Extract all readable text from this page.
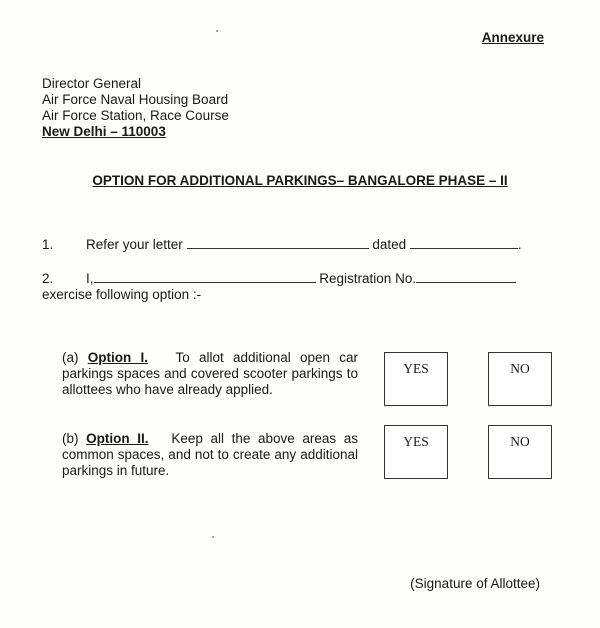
Annexure
Director General
Air Force Naval Housing Board
Air Force Station, Race Course
New Delhi – 110003
OPTION FOR ADDITIONAL PARKINGS– BANGALORE PHASE – II
1. Refer your letter	dated	.
2. I,	Registration No.
exercise following option :-
(a) Option I. To allot additional open car parkings spaces and covered scooter parkings to allottees who have already applied.
YES	NO
(b) Option II. Keep all the above areas as common spaces, and not to create any additional parkings in future.
YES	NO
(Signature of Allottee)
